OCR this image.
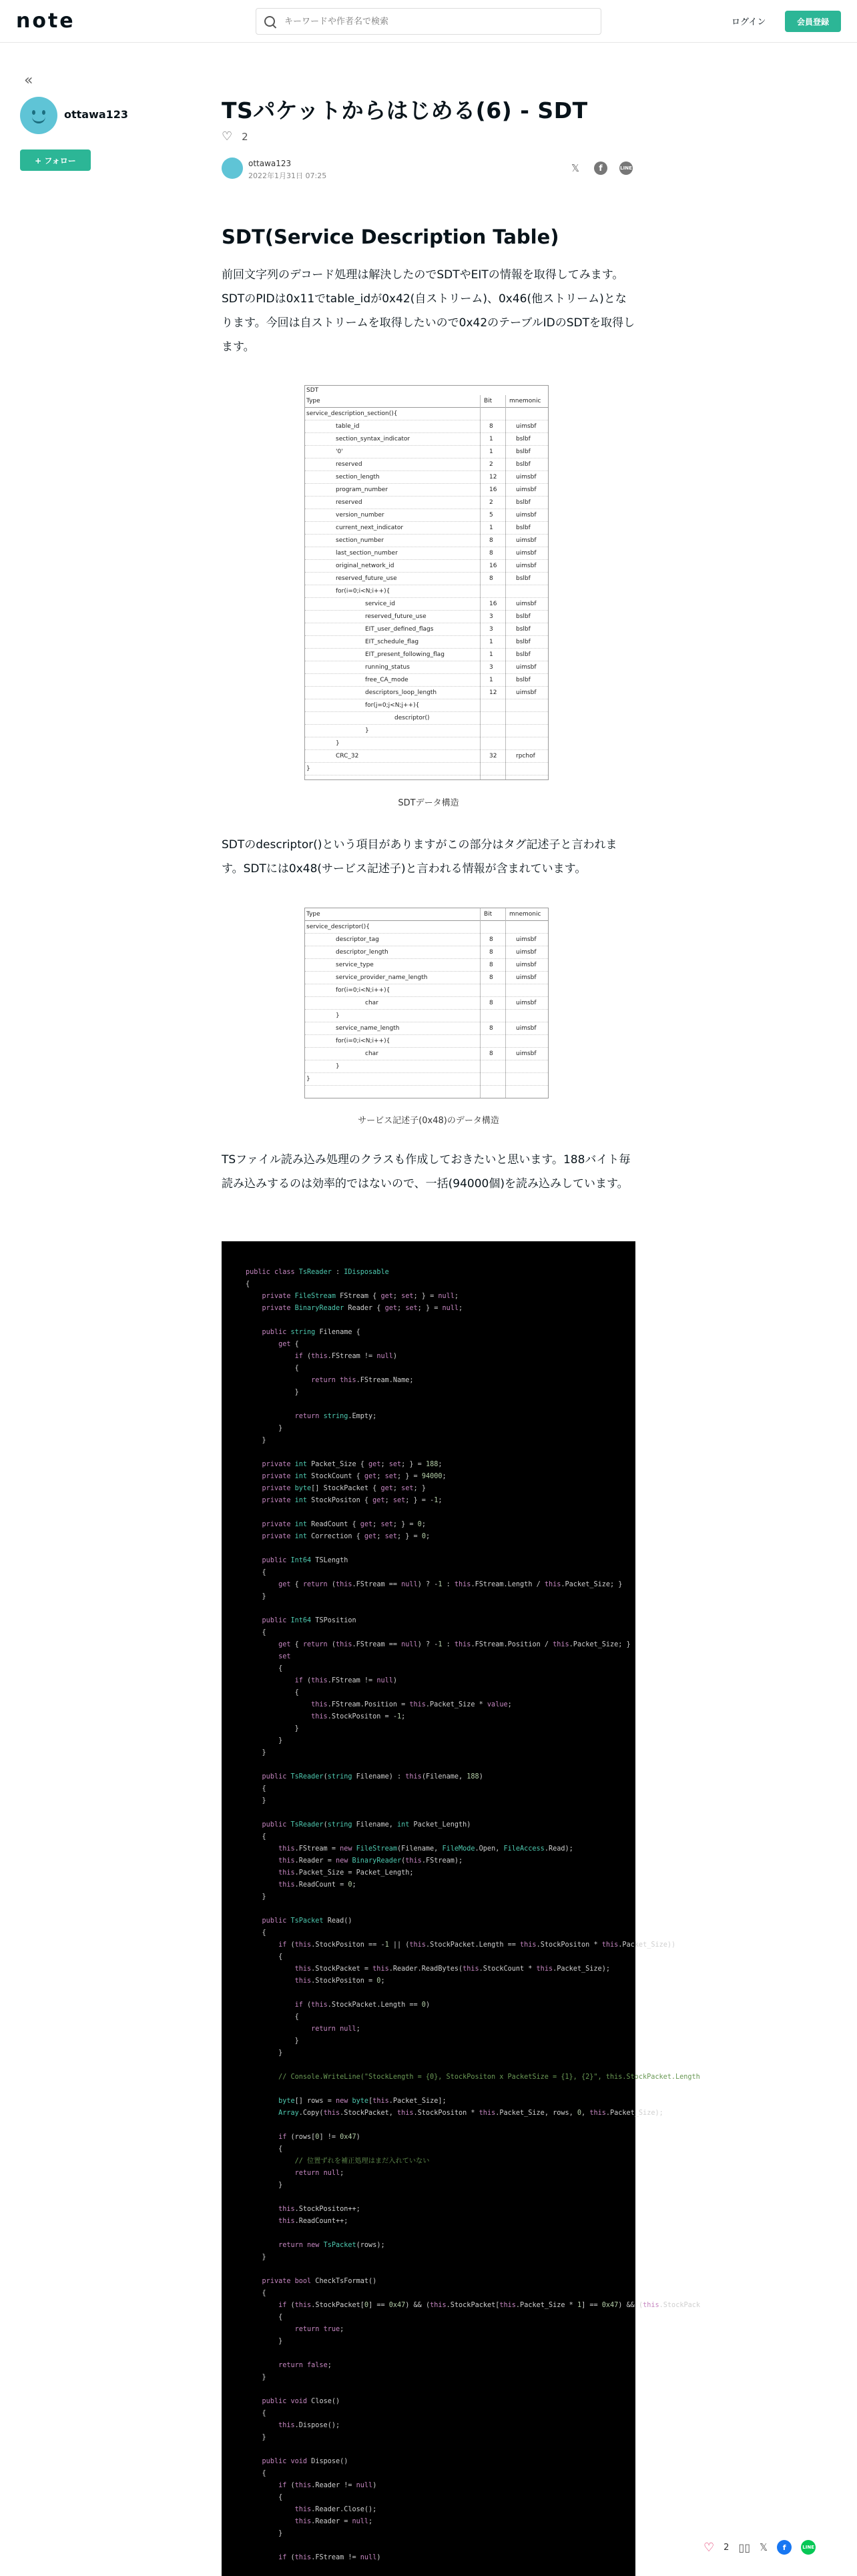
note
キーワードや作者名で検索	ログイン	会員登録
«
ottawa123
+ フォロー
TSパケットからはじめる(6) - SDT
♡ 2
ottawa123
2022年1月31日 07:25
𝕏	f	LINE
SDT(Service Description Table)

前回文字列のデコード処理は解決したのでSDTやEITの情報を取得してみます。SDTのPIDは0x11でtable_idが0x42(自ストリーム)、0x46(他ストリーム)となります。今回は自ストリームを取得したいので0x42のテーブルIDのSDTを取得します。

SDT
Type	Bit	mnemonic
service_description_section(){
table_id	8	uimsbf
section_syntax_indicator	1	bslbf
'0'	1	bslbf
reserved	2	bslbf
section_length	12	uimsbf
program_number	16	uimsbf
reserved	2	bslbf
version_number	5	uimsbf
current_next_indicator	1	bslbf
section_number	8	uimsbf
last_section_number	8	uimsbf
original_network_id	16	uimsbf
reserved_future_use	8	bslbf
for(i=0;i<N;i++){
service_id	16	uimsbf
reserved_future_use	3	bslbf
EIT_user_defined_flags	3	bslbf
EIT_schedule_flag	1	bslbf
EIT_present_following_flag	1	bslbf
running_status	3	uimsbf
free_CA_mode	1	bslbf
descriptors_loop_length	12	uimsbf
for(j=0;j<N;j++){
descriptor()
}
}
CRC_32	32	rpchof
}
SDTデータ構造

SDTのdescriptor()という項目がありますがこの部分はタグ記述子と言われます。SDTには0x48(サービス記述子)と言われる情報が含まれています。

Type	Bit	mnemonic
service_descriptor(){
descriptor_tag	8	uimsbf
descriptor_length	8	uimsbf
service_type	8	uimsbf
service_provider_name_length	8	uimsbf
for(i=0;i<N;i++){
char	8	uimsbf
}
service_name_length	8	uimsbf
for(i=0;i<N;i++){
char	8	uimsbf
}
}
サービス記述子(0x48)のデータ構造

TSファイル読み込み処理のクラスも作成しておきたいと思います。188バイト毎読み込みするのは効率的ではないので、一括(94000個)を読み込みしています。

public class TsReader : IDisposable
{
private FileStream FStream { get; set; } = null;
private BinaryReader Reader { get; set; } = null;

public string Filename {
get {
if (this.FStream != null)
{
return this.FStream.Name;
}

return string.Empty;
}
}

private int Packet_Size { get; set; } = 188;
private int StockCount { get; set; } = 94000;
private byte[] StockPacket { get; set; }
private int StockPositon { get; set; } = -1;

private int ReadCount { get; set; } = 0;
private int Correction { get; set; } = 0;

public Int64 TSLength
{
get { return (this.FStream == null) ? -1 : this.FStream.Length / this.Packet_Size; }
}

public Int64 TSPosition
{
get { return (this.FStream == null) ? -1 : this.FStream.Position / this.Packet_Size; }
set
{
if (this.FStream != null)
{
this.FStream.Position = this.Packet_Size * value;
this.StockPositon = -1;
}
}
}

public TsReader(string Filename) : this(Filename, 188)
{
}

public TsReader(string Filename, int Packet_Length)
{
this.FStream = new FileStream(Filename, FileMode.Open, FileAccess.Read);
this.Reader = new BinaryReader(this.FStream);
this.Packet_Size = Packet_Length;
this.ReadCount = 0;
}

public TsPacket Read()
{
if (this.StockPositon == -1 || (this.StockPacket.Length == this.StockPositon * this.Packet_Size))
{
this.StockPacket = this.Reader.ReadBytes(this.StockCount * this.Packet_Size);
this.StockPositon = 0;

if (this.StockPacket.Length == 0)
{
return null;
}
}

// Console.WriteLine("StockLength = {0}, StockPositon x PacketSize = {1}, {2}", this.StockPacket.Length

byte[] rows = new byte[this.Packet_Size];
Array.Copy(this.StockPacket, this.StockPositon * this.Packet_Size, rows, 0, this.Packet_Size);

if (rows[0] != 0x47)
{
// 位置ずれを補正処理はまだ入れていない
return null;
}

this.StockPositon++;
this.ReadCount++;

return new TsPacket(rows);
}

private bool CheckTsFormat()
{
if (this.StockPacket[0] == 0x47) && (this.StockPacket[this.Packet_Size * 1] == 0x47) && (this.StockPack
{
return true;
}

return false;
}

public void Close()
{
this.Dispose();
}

public void Dispose()
{
if (this.Reader != null)
{
this.Reader.Close();
this.Reader = null;
}

if (this.FStream != null)
♡ 2 ▯▯ 𝕏	f	LINE
